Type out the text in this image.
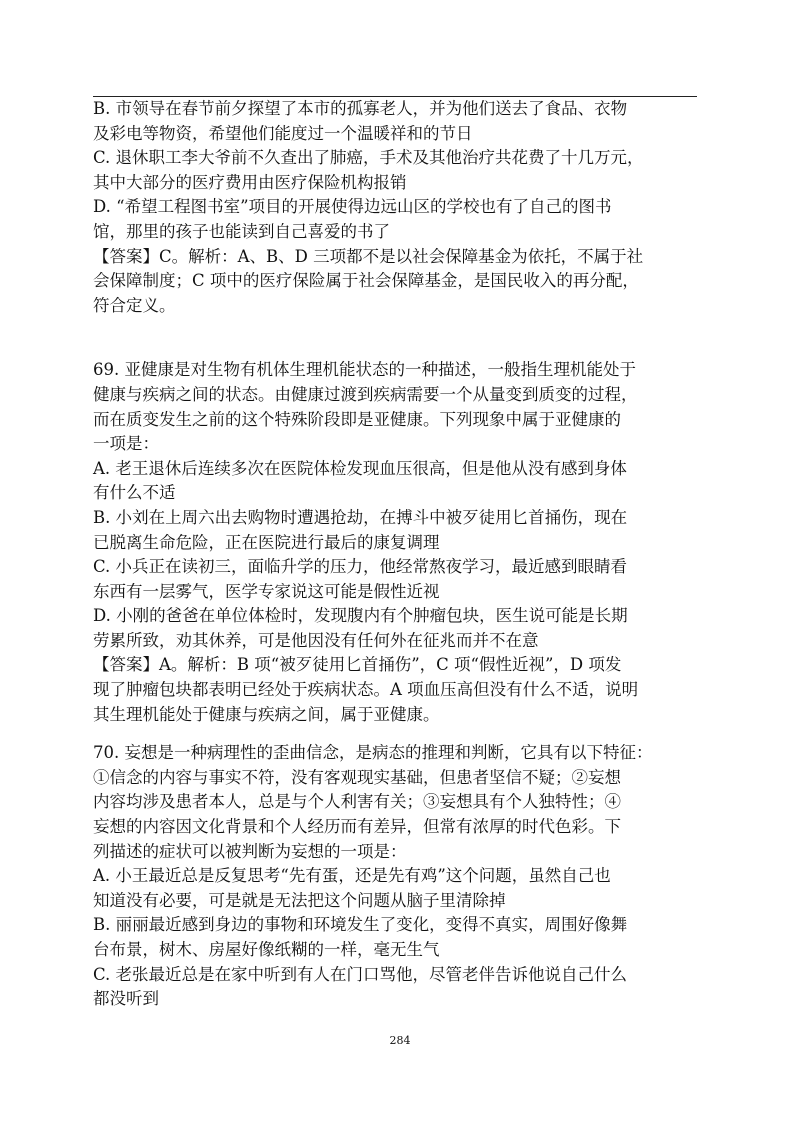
B. 市领导在春节前夕探望了本市的孤寡老人，并为他们送去了食品、衣物
及彩电等物资，希望他们能度过一个温暖祥和的节日
C. 退休职工李大爷前不久查出了肺癌，手术及其他治疗共花费了十几万元，
其中大部分的医疗费用由医疗保险机构报销
D. “希望工程图书室”项目的开展使得边远山区的学校也有了自己的图书
馆，那里的孩子也能读到自己喜爱的书了
【答案】C。解析：A、B、D 三项都不是以社会保障基金为依托，不属于社
会保障制度；C 项中的医疗保险属于社会保障基金，是国民收入的再分配，
符合定义。
69. 亚健康是对生物有机体生理机能状态的一种描述，一般指生理机能处于
健康与疾病之间的状态。由健康过渡到疾病需要一个从量变到质变的过程，
而在质变发生之前的这个特殊阶段即是亚健康。下列现象中属于亚健康的
一项是：
A. 老王退休后连续多次在医院体检发现血压很高，但是他从没有感到身体
有什么不适
B. 小刘在上周六出去购物时遭遇抢劫，在搏斗中被歹徒用匕首捅伤，现在
已脱离生命危险，正在医院进行最后的康复调理
C. 小兵正在读初三，面临升学的压力，他经常熬夜学习，最近感到眼睛看
东西有一层雾气，医学专家说这可能是假性近视
D. 小刚的爸爸在单位体检时，发现腹内有个肿瘤包块，医生说可能是长期
劳累所致，劝其休养，可是他因没有任何外在征兆而并不在意
【答案】A。解析：B 项“被歹徒用匕首捅伤”，C 项“假性近视”，D 项发
现了肿瘤包块都表明已经处于疾病状态。A 项血压高但没有什么不适，说明
其生理机能处于健康与疾病之间，属于亚健康。
70. 妄想是一种病理性的歪曲信念，是病态的推理和判断，它具有以下特征：
①信念的内容与事实不符，没有客观现实基础，但患者坚信不疑；②妄想
内容均涉及患者本人，总是与个人利害有关；③妄想具有个人独特性；④
妄想的内容因文化背景和个人经历而有差异，但常有浓厚的时代色彩。下
列描述的症状可以被判断为妄想的一项是：
A. 小王最近总是反复思考“先有蛋，还是先有鸡”这个问题，虽然自己也
知道没有必要，可是就是无法把这个问题从脑子里清除掉
B. 丽丽最近感到身边的事物和环境发生了变化，变得不真实，周围好像舞
台布景，树木、房屋好像纸糊的一样，毫无生气
C. 老张最近总是在家中听到有人在门口骂他，尽管老伴告诉他说自己什么
都没听到
284
